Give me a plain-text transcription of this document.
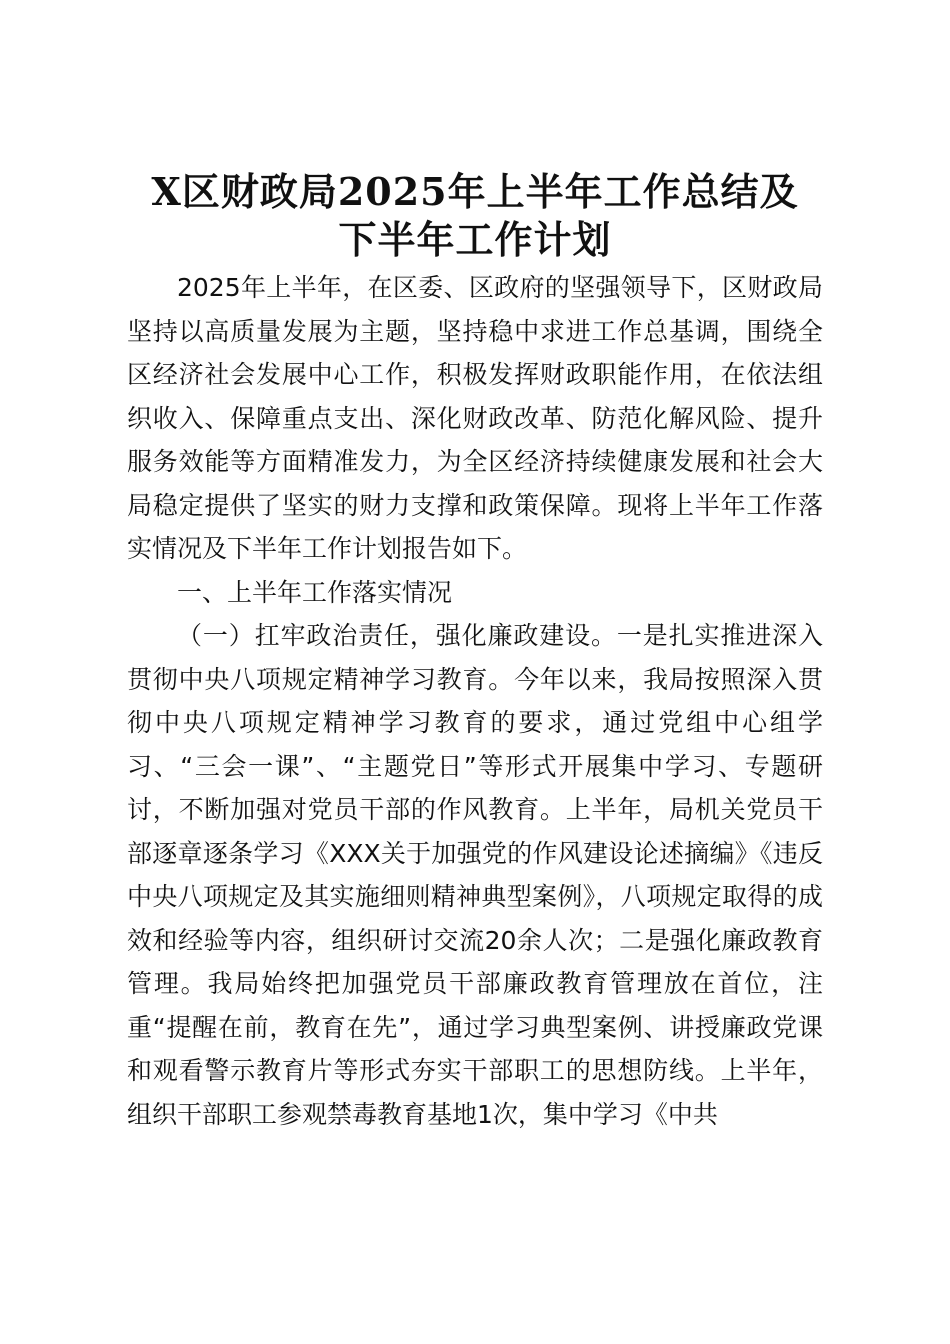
X区财政局2025年上半年工作总结及
下半年工作计划

2025年上半年，在区委、区政府的坚强领导下，区财政局坚持以高质量发展为主题，坚持稳中求进工作总基调，围绕全区经济社会发展中心工作，积极发挥财政职能作用，在依法组织收入、保障重点支出、深化财政改革、防范化解风险、提升服务效能等方面精准发力，为全区经济持续健康发展和社会大局稳定提供了坚实的财力支撑和政策保障。现将上半年工作落实情况及下半年工作计划报告如下。

一、上半年工作落实情况

（一）扛牢政治责任，强化廉政建设。一是扎实推进深入贯彻中央八项规定精神学习教育。今年以来，我局按照深入贯彻中央八项规定精神学习教育的要求，通过党组中心组学习、“三会一课”、“主题党日”等形式开展集中学习、专题研讨，不断加强对党员干部的作风教育。上半年，局机关党员干部逐章逐条学习《XXX关于加强党的作风建设论述摘编》《违反中央八项规定及其实施细则精神典型案例》，八项规定取得的成效和经验等内容，组织研讨交流20余人次；二是强化廉政教育管理。我局始终把加强党员干部廉政教育管理放在首位，注重“提醒在前，教育在先”，通过学习典型案例、讲授廉政党课和观看警示教育片等形式夯实干部职工的思想防线。上半年，组织干部职工参观禁毒教育基地1次，集中学习《中共
